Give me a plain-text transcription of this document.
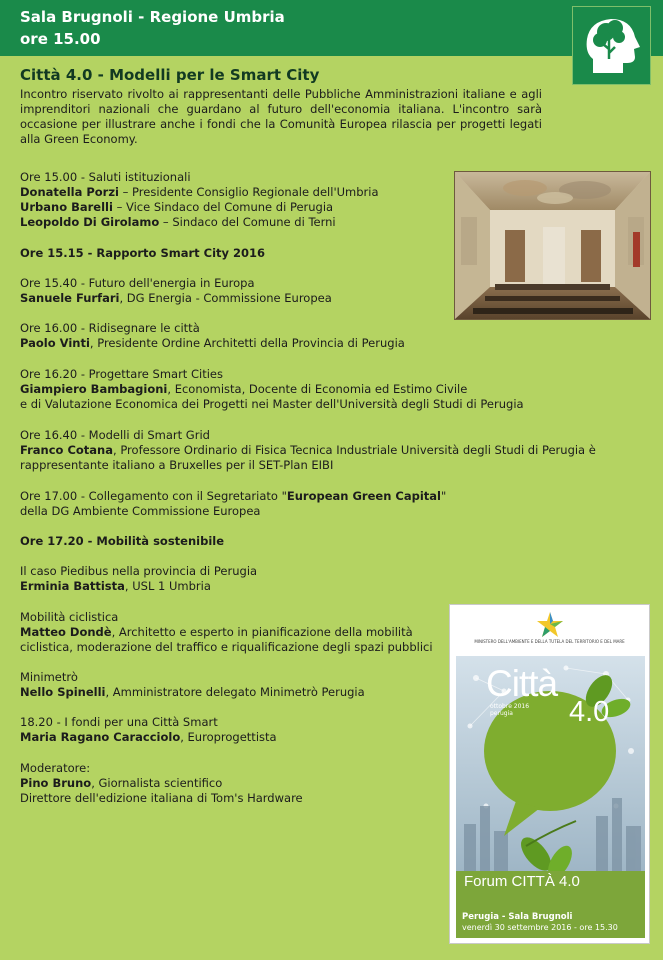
Sala Brugnoli - Regione Umbria
ore 15.00
Città 4.0 - Modelli per le Smart City
Incontro riservato rivolto ai rappresentanti delle Pubbliche Amministrazioni italiane e agli imprenditori nazionali che guardano al futuro dell'economia italiana. L'incontro sarà occasione per illustrare anche i fondi che la Comunità Europea rilascia per progetti legati alla Green Economy.
Ore 15.00 - Saluti istituzionali
Donatella Porzi – Presidente Consiglio Regionale dell'Umbria
Urbano Barelli – Vice Sindaco del Comune di Perugia
Leopoldo Di Girolamo – Sindaco del Comune di Terni
Ore 15.15 - Rapporto Smart City 2016
Ore 15.40 - Futuro dell'energia in Europa
Sanuele Furfari, DG Energia - Commissione Europea
Ore 16.00 - Ridisegnare le città
Paolo Vinti, Presidente Ordine Architetti della Provincia di Perugia
Ore 16.20 - Progettare Smart Cities
Giampiero Bambagioni, Economista, Docente di Economia ed Estimo Civile
e di Valutazione Economica dei Progetti nei Master dell'Università degli Studi di Perugia
Ore 16.40 - Modelli di Smart Grid
Franco Cotana, Professore Ordinario di Fisica Tecnica Industriale Università degli Studi di Perugia è
rappresentante italiano a Bruxelles per il SET-Plan EIBI
Ore 17.00 - Collegamento con il Segretariato "European Green Capital"
della DG Ambiente Commissione Europea
Ore 17.20 - Mobilità sostenibile
Il caso Piedibus nella provincia di Perugia
Erminia Battista, USL 1 Umbria
Mobilità ciclistica
Matteo Dondè, Architetto e esperto in pianificazione della mobilità
ciclistica, moderazione del traffico e riqualificazione degli spazi pubblici
Minimetrò
Nello Spinelli, Amministratore delegato Minimetrò Perugia
18.20 - I fondi per una Città Smart
Maria Ragano Caracciolo, Europrogettista
Moderatore:
Pino Bruno, Giornalista scientifico
Direttore dell'edizione italiana di Tom's Hardware
MINISTERO DELL'AMBIENTE E DELLA TUTELA DEL TERRITORIO E DEL MARE
Città
ottobre 2016
perugia	4.0
Forum CITTÀ 4.0
Perugia - Sala Brugnoli
venerdì 30 settembre 2016 - ore 15.30
